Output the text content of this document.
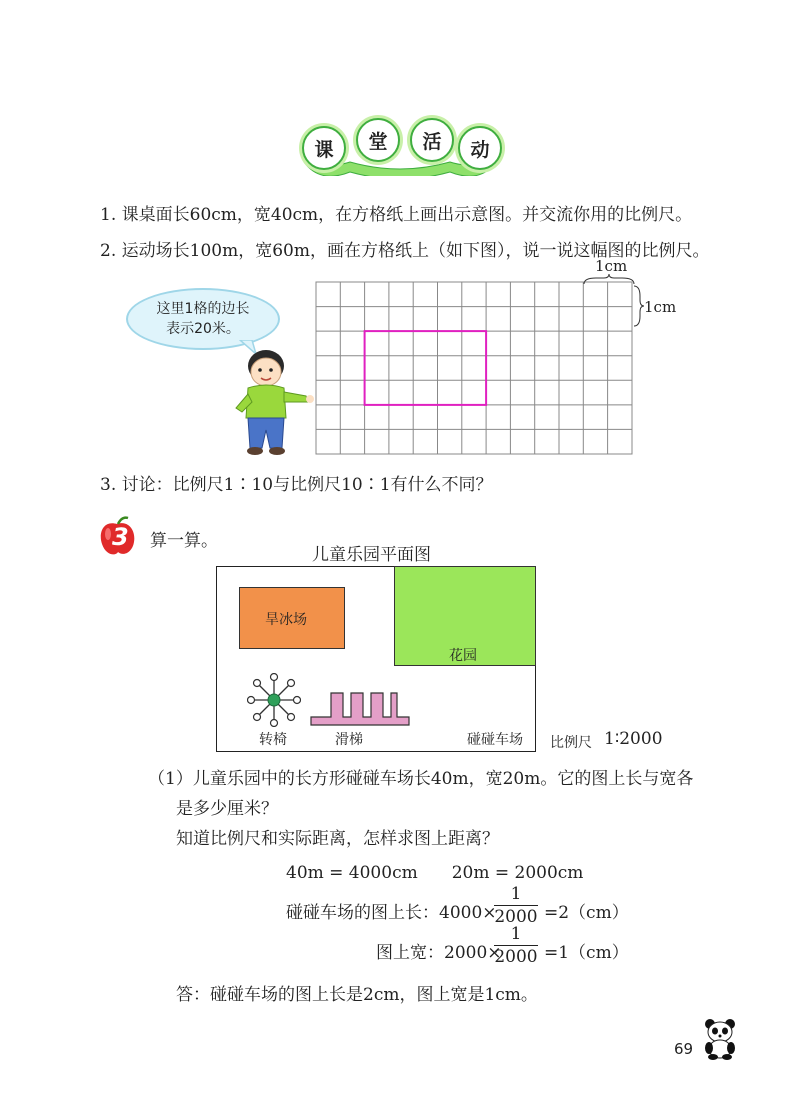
课 堂 活 动
1. 课桌面长60cm，宽40cm，在方格纸上画出示意图。并交流你用的比例尺。
2. 运动场长100m，宽60m，画在方格纸上（如下图），说一说这幅图的比例尺。
1cm
1cm
这里1格的边长
表示20米。
3. 讨论：比例尺1∶10与比例尺10∶1有什么不同？
3 算一算。
儿童乐园平面图
旱冰场
花园
转椅	滑梯	碰碰车场 比例尺 1∶2000
（1）儿童乐园中的长方形碰碰车场长40m，宽20m。它的图上长与宽各
是多少厘米？
知道比例尺和实际距离，怎样求图上距离？
40m = 4000cm　　20m = 2000cm
碰碰车场的图上长：4000×
1
2000 =2（cm）
图上宽：2000×
1
2000 =1（cm）
答：碰碰车场的图上长是2cm，图上宽是1cm。
69
